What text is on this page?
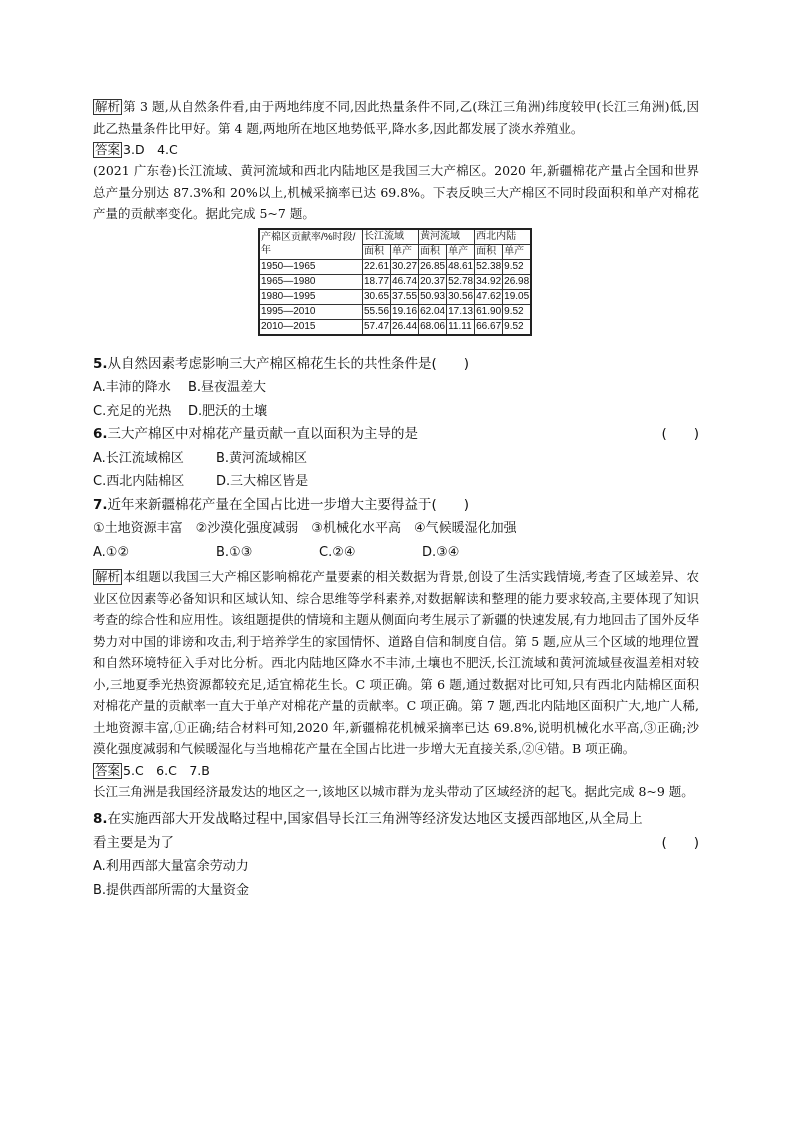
解析 第 3 题,从自然条件看,由于两地纬度不同,因此热量条件不同,乙(珠江三角洲)纬度较甲(长江三角洲)低,因此乙热量条件比甲好。第 4 题,两地所在地区地势低平,降水多,因此都发展了淡水养殖业。

答案 3.D　4.C

(2021 广东卷)长江流域、黄河流域和西北内陆地区是我国三大产棉区。2020 年,新疆棉花产量占全国和世界总产量分别达 87.3%和 20%以上,机械采摘率已达 69.8%。下表反映三大产棉区不同时段面积和单产对棉花产量的贡献率变化。据此完成 5~7 题。

产棉区贡献率/%时段/年	长江流域		黄河流域		西北内陆	
	面积	单产	面积	单产	面积	单产
1950—1965	22.61	30.27	26.85	48.61	52.38	9.52
1965—1980	18.77	46.74	20.37	52.78	34.92	26.98
1980—1995	30.65	37.55	50.93	30.56	47.62	19.05
1995—2010	55.56	19.16	62.04	17.13	61.90	9.52
2010—2015	57.47	26.44	68.06	11.11	66.67	9.52

5.从自然因素考虑影响三大产棉区棉花生长的共性条件是(　　)

A.丰沛的降水 B.昼夜温差大

C.充足的光热 D.肥沃的土壤

6.三大产棉区中对棉花产量贡献一直以面积为主导的是	(　　)

A.长江流域棉区 B.黄河流域棉区

C.西北内陆棉区 D.三大棉区皆是

7.近年来新疆棉花产量在全国占比进一步增大主要得益于(　　)

①土地资源丰富　②沙漠化强度减弱　③机械化水平高　④气候暖湿化加强

A.①②	B.①③	C.②④	D.③④

解析 本组题以我国三大产棉区影响棉花产量要素的相关数据为背景,创设了生活实践情境,考查了区域差异、农业区位因素等必备知识和区域认知、综合思维等学科素养,对数据解读和整理的能力要求较高,主要体现了知识考查的综合性和应用性。该组题提供的情境和主题从侧面向考生展示了新疆的快速发展,有力地回击了国外反华势力对中国的诽谤和攻击,利于培养学生的家国情怀、道路自信和制度自信。第 5 题,应从三个区域的地理位置和自然环境特征入手对比分析。西北内陆地区降水不丰沛,土壤也不肥沃,长江流域和黄河流域昼夜温差相对较小,三地夏季光热资源都较充足,适宜棉花生长。C 项正确。第 6 题,通过数据对比可知,只有西北内陆棉区面积对棉花产量的贡献率一直大于单产对棉花产量的贡献率。C 项正确。第 7 题,西北内陆地区面积广大,地广人稀,土地资源丰富,①正确;结合材料可知,2020 年,新疆棉花机械采摘率已达 69.8%,说明机械化水平高,③正确;沙漠化强度减弱和气候暖湿化与当地棉花产量在全国占比进一步增大无直接关系,②④错。B 项正确。

答案 5.C　6.C　7.B

长江三角洲是我国经济最发达的地区之一,该地区以城市群为龙头带动了区域经济的起飞。据此完成 8~9 题。

8.在实施西部大开发战略过程中,国家倡导长江三角洲等经济发达地区支援西部地区,从全局上看主要是为了	(　　)

A.利用西部大量富余劳动力

B.提供西部所需的大量资金
